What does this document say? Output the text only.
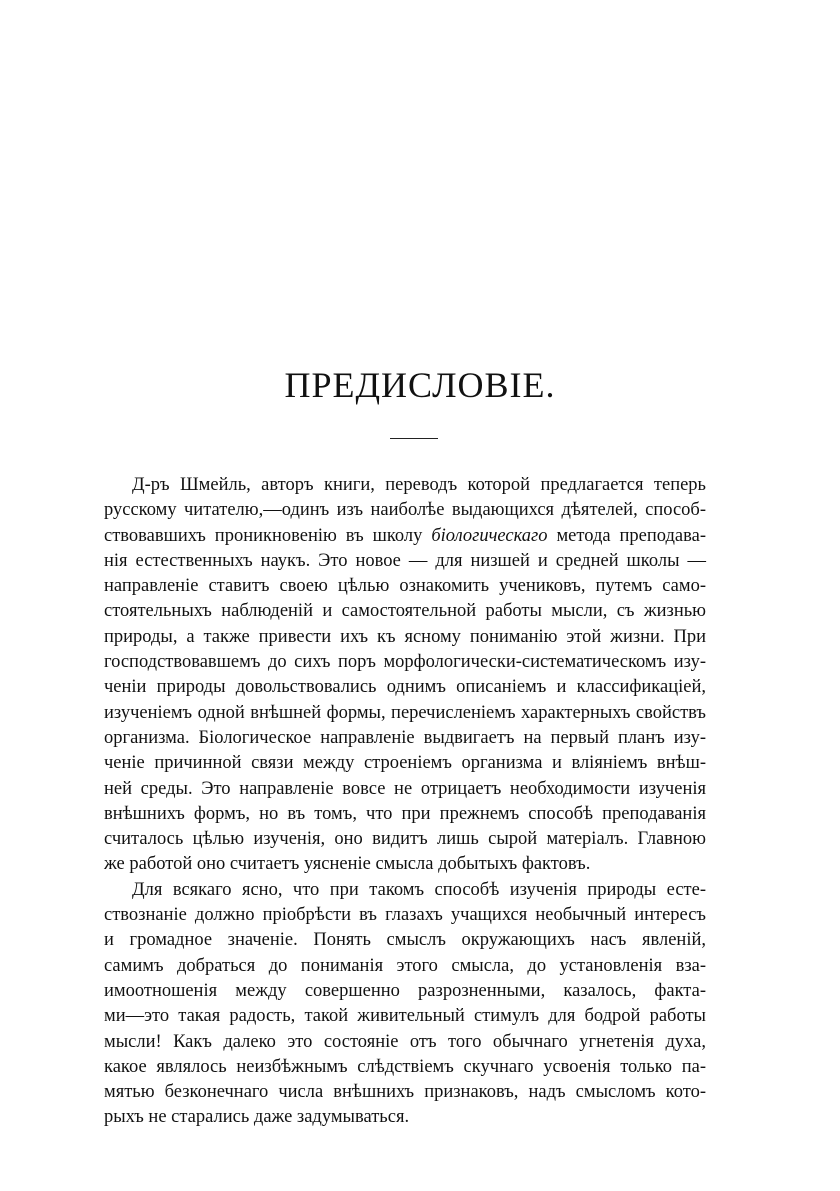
ПРЕДИСЛОВІЕ.
Д-ръ Шмейль, авторъ книги, переводъ которой предлагается теперь
русскому читателю,—одинъ изъ наиболѣе выдающихся дѣятелей, способ-
ствовавшихъ проникновенію въ школу біологическаго метода преподава-
нія естественныхъ наукъ. Это новое — для низшей и средней школы —
направленіе ставитъ своею цѣлью ознакомить учениковъ, путемъ само-
стоятельныхъ наблюденій и самостоятельной работы мысли, съ жизнью
природы, а также привести ихъ къ ясному пониманію этой жизни. При
господствовавшемъ до сихъ поръ морфологически-систематическомъ изу-
ченіи природы довольствовались однимъ описаніемъ и классификаціей,
изученіемъ одной внѣшней формы, перечисленіемъ характерныхъ свойствъ
организма. Біологическое направленіе выдвигаетъ на первый планъ изу-
ченіе причинной связи между строеніемъ организма и вліяніемъ внѣш-
ней среды. Это направленіе вовсе не отрицаетъ необходимости изученія
внѣшнихъ формъ, но въ томъ, что при прежнемъ способѣ преподаванія
считалось цѣлью изученія, оно видитъ лишь сырой матеріалъ. Главною
же работой оно считаетъ уясненіе смысла добытыхъ фактовъ.
Для всякаго ясно, что при такомъ способѣ изученія природы есте-
ствознаніе должно пріобрѣсти въ глазахъ учащихся необычный интересъ
и громадное значеніе. Понять смыслъ окружающихъ насъ явленій,
самимъ добраться до пониманія этого смысла, до установленія вза-
имоотношенія между совершенно разрозненными, казалось, факта-
ми—это такая радость, такой живительный стимулъ для бодрой работы
мысли! Какъ далеко это состояніе отъ того обычнаго угнетенія духа,
какое являлось неизбѣжнымъ слѣдствіемъ скучнаго усвоенія только па-
мятью безконечнаго числа внѣшнихъ признаковъ, надъ смысломъ кото-
рыхъ не старались даже задумываться.
